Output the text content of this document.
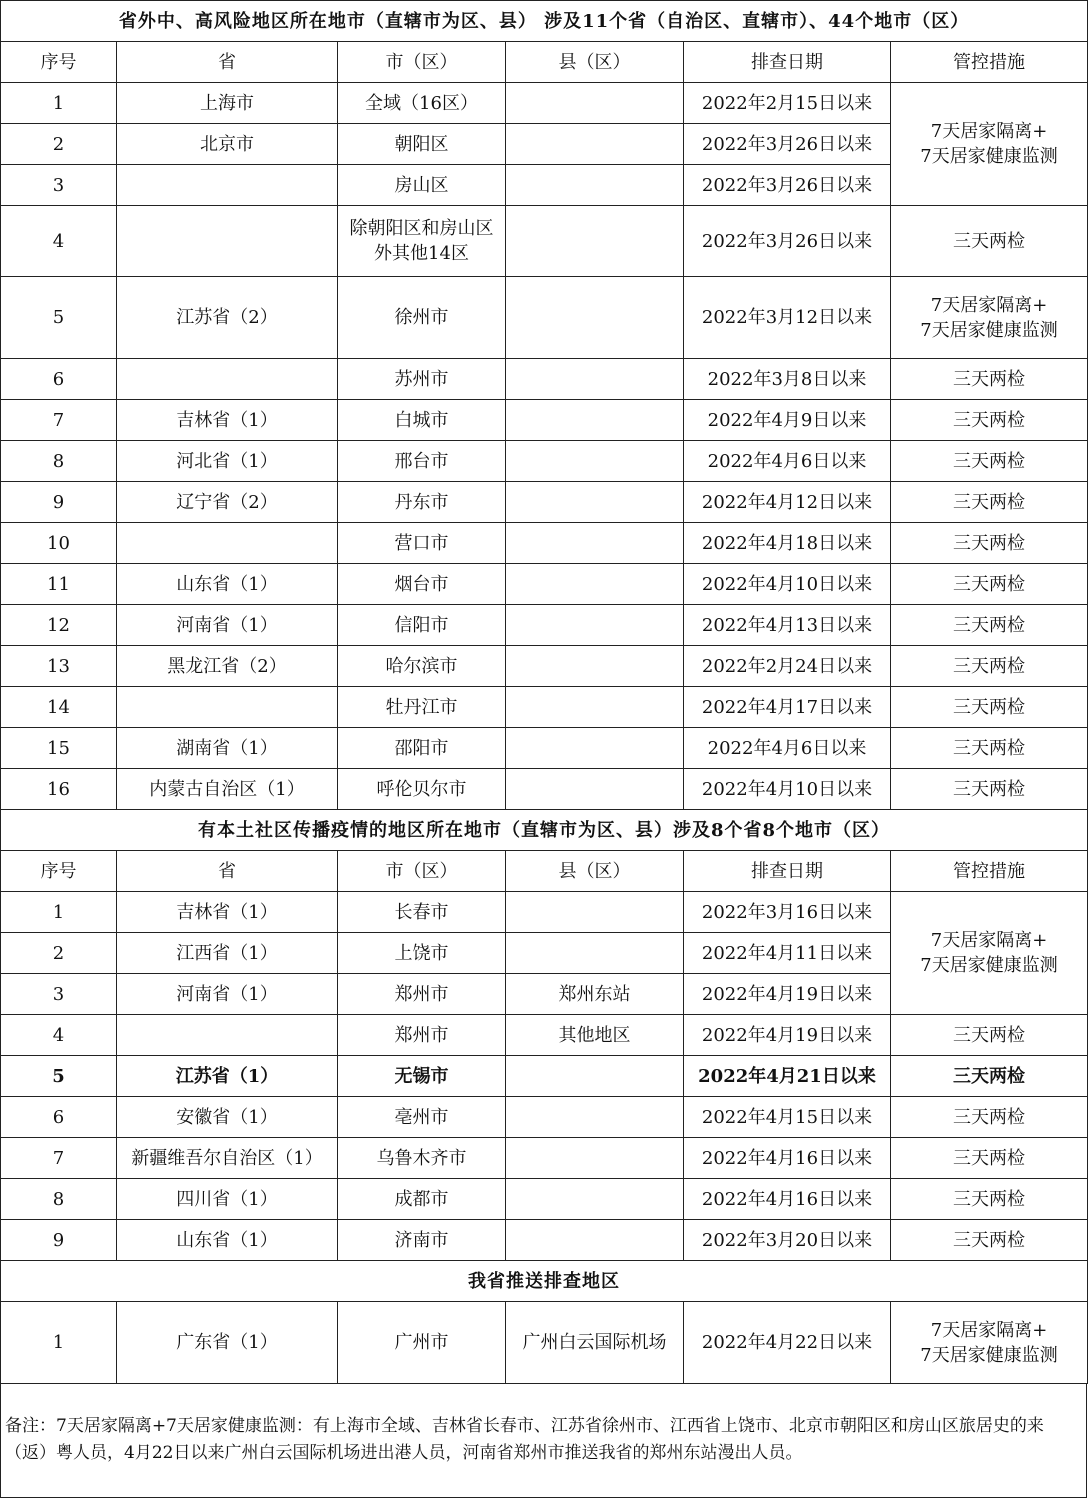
省外中、高风险地区所在地市（直辖市为区、县） 涉及11个省（自治区、直辖市）、44个地市（区）					
序号	省	市（区）	县（区）	排查日期	管控措施
1	上海市	全域（16区）		2022年2月15日以来	7天居家隔离+
7天居家健康监测
2	北京市	朝阳区		2022年3月26日以来	
3		房山区		2022年3月26日以来	
4		除朝阳区和房山区
外其他14区		2022年3月26日以来	三天两检
5	江苏省（2）	徐州市		2022年3月12日以来	7天居家隔离+
7天居家健康监测
6		苏州市		2022年3月8日以来	三天两检
7	吉林省（1）	白城市		2022年4月9日以来	三天两检
8	河北省（1）	邢台市		2022年4月6日以来	三天两检
9	辽宁省（2）	丹东市		2022年4月12日以来	三天两检
10		营口市		2022年4月18日以来	三天两检
11	山东省（1）	烟台市		2022年4月10日以来	三天两检
12	河南省（1）	信阳市		2022年4月13日以来	三天两检
13	黑龙江省（2）	哈尔滨市		2022年2月24日以来	三天两检
14		牡丹江市		2022年4月17日以来	三天两检
15	湖南省（1）	邵阳市		2022年4月6日以来	三天两检
16	内蒙古自治区（1）	呼伦贝尔市		2022年4月10日以来	三天两检
有本土社区传播疫情的地区所在地市（直辖市为区、县）涉及8个省8个地市（区）					
序号	省	市（区）	县（区）	排查日期	管控措施
1	吉林省（1）	长春市		2022年3月16日以来	7天居家隔离+
7天居家健康监测
2	江西省（1）	上饶市		2022年4月11日以来	
3	河南省（1）	郑州市	郑州东站	2022年4月19日以来	
4		郑州市	其他地区	2022年4月19日以来	三天两检
5	江苏省（1）	无锡市		2022年4月21日以来	三天两检
6	安徽省（1）	亳州市		2022年4月15日以来	三天两检
7	新疆维吾尔自治区（1）	乌鲁木齐市		2022年4月16日以来	三天两检
8	四川省（1）	成都市		2022年4月16日以来	三天两检
9	山东省（1）	济南市		2022年3月20日以来	三天两检
我省推送排查地区					
1	广东省（1）	广州市	广州白云国际机场	2022年4月22日以来	7天居家隔离+
7天居家健康监测
备注：7天居家隔离+7天居家健康监测：有上海市全域、吉林省长春市、江苏省徐州市、江西省上饶市、北京市朝阳区和房山区旅居史的来（返）粤人员，4月22日以来广州白云国际机场进出港人员，河南省郑州市推送我省的郑州东站漫出人员。
